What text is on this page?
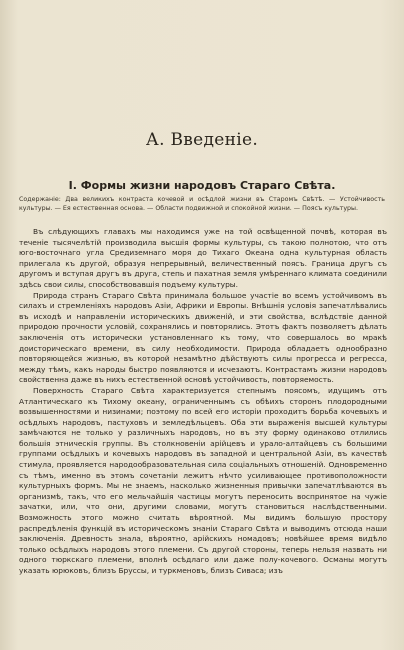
А. Введеніе.
I. Формы жизни народовъ Стараго Свѣта.
Содержаніе: Два великихъ контраста кочевой и осѣдлой жизни въ Старомъ Свѣтѣ. — Устойчивость культуры. — Ея естественная основа. — Области подвижной и спокойной жизни. — Поясъ культуры.

Въ слѣдующихъ главахъ мы находимся уже на той освѣщенной почвѣ, которая въ теченіе тысячелѣтій производила высшія формы культуры, съ такою полнотою, что отъ юго-восточнаго угла Средиземнаго моря до Тихаго Океана одна культурная область прилегала къ другой, образуя непрерывный, величественный поясъ. Граница другъ съ другомъ и вступая другъ въ друга, степь и пахатная земля умѣреннаго климата соединили здѣсь свои силы, способствовавшія подъему культуры.

Природа странъ Стараго Свѣта принимала большое участіе во всемъ устойчивомъ въ силахъ и стремленіяхъ народовъ Азіи, Африки и Европы. Внѣшнія условія запечатлѣвались въ исходѣ и направленіи историческихъ движеній, и эти свойства, вслѣдствіе данной природою прочности условій, сохранялись и повторялись. Этотъ фактъ позволяетъ дѣлать заключенія отъ исторически установленнаго къ тому, что совершалось во мракѣ доисторическаго времени, въ силу необходимости. Природа обладаетъ однообразно повторяющейся жизнью, въ которой незамѣтно дѣйствуютъ силы прогресса и регресса, между тѣмъ, какъ народы быстро появляются и исчезаютъ. Контрастамъ жизни народовъ свойственна даже въ нихъ естественной основѣ устойчивость, повторяемость.

Поверхность Стараго Свѣта характеризуется степнымъ поясомъ, идущимъ отъ Атлантическаго къ Тихому океану, ограниченнымъ съ обѣихъ сторонъ плодородными возвышенностями и низинами; поэтому по всей его исторіи проходитъ борьба кочевыхъ и осѣдлыхъ народовъ, пастуховъ и земледѣльцевъ. Оба эти выраженія высшей культуры замѣчаются не только у различныхъ народовъ, но въ эту форму одинаково отлились большія этническія группы. Въ столкновеніи арійцевъ и урало-алтайцевъ съ большими группами осѣдлыхъ и кочевыхъ народовъ въ западной и центральной Азіи, въ качествѣ стимула, проявляется народообразовательная сила соціальныхъ отношеній. Одновременно съ тѣмъ, именно въ этомъ сочетаніи лежитъ нѣчто усиливающее противоположности культурныхъ формъ. Мы не знаемъ, насколько жизненныя привычки запечатлѣваются въ организмѣ, такъ, что его мельчайшія частицы могутъ переносить воспринятое на чужіе зачатки, или, что они, другими словами, могутъ становиться наслѣдственными. Возможность этого можно считать вѣроятной. Мы видимъ большую простору распредѣленія функцій въ историческомъ знаніи Стараго Свѣта и выводимъ отсюда наши заключенія. Древность знала, вѣроятно, арійскихъ номадовъ; новѣйшее время видѣло только осѣдлыхъ народовъ этого племени. Съ другой стороны, теперь нельзя назвать ни одного тюркскаго племени, вполнѣ осѣдлаго или даже полу-кочевого. Османы могутъ указать юрюковъ, близъ Бруссы, и туркменовъ, близъ Сиваса; изъ
